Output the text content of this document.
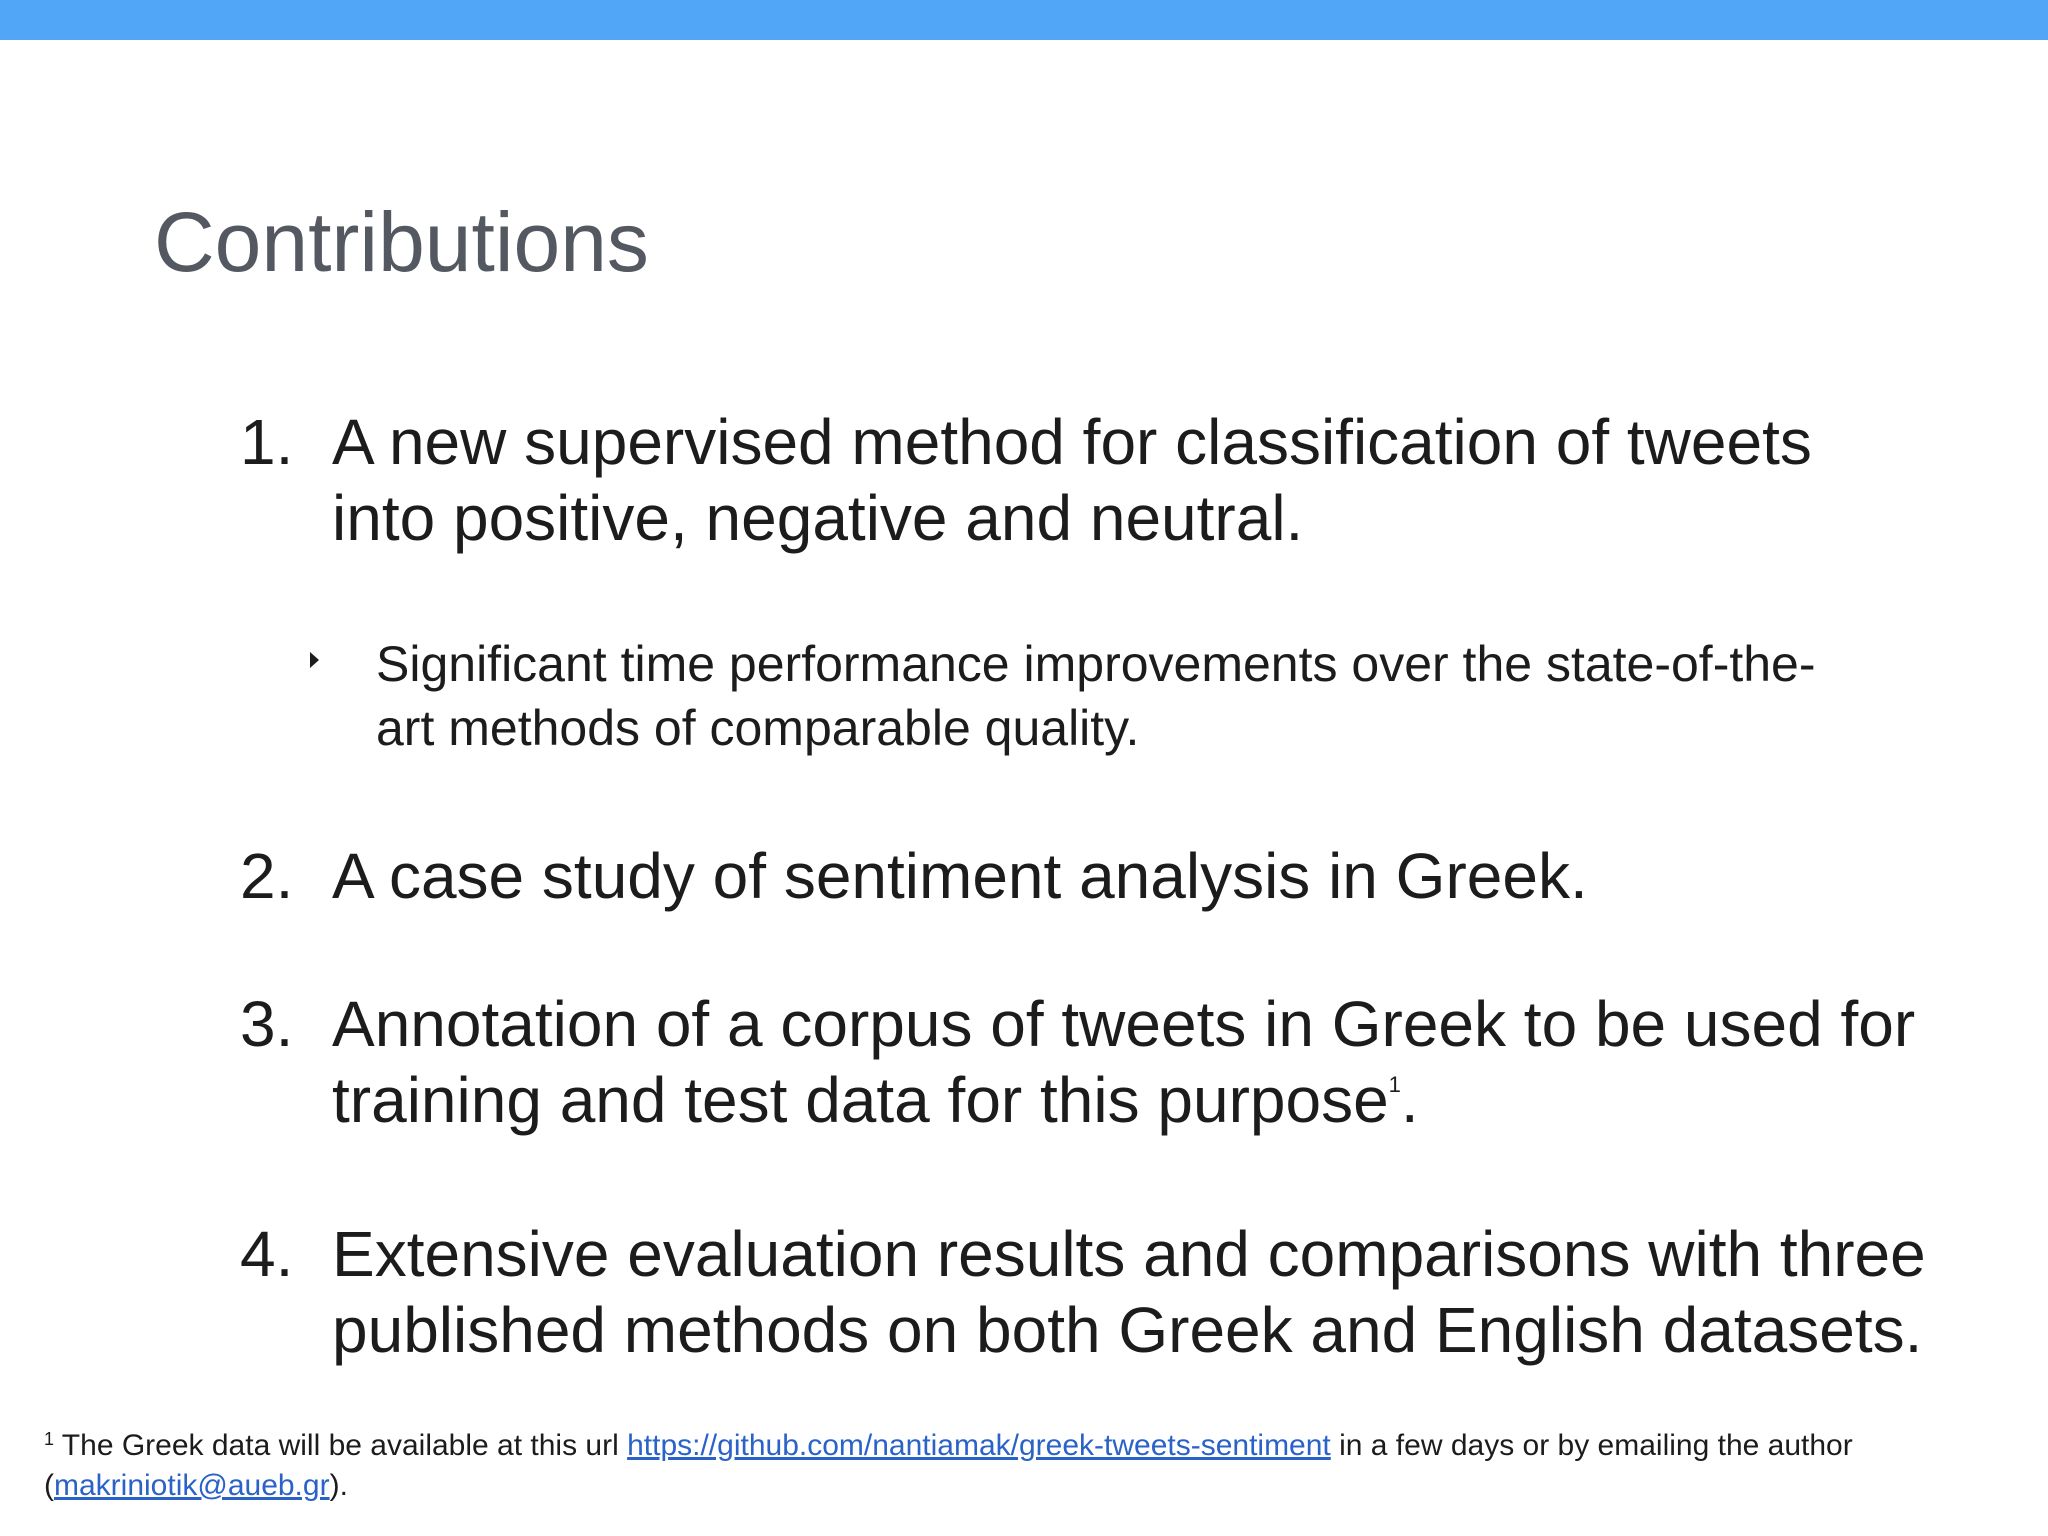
Contributions
1. A new supervised method for classification of tweets
into positive, negative and neutral.
Significant time performance improvements over the state-of-the-
art methods of comparable quality.
2. A case study of sentiment analysis in Greek.
3. Annotation of a corpus of tweets in Greek to be used for
training and test data for this purpose$^1$.
4. Extensive evaluation results and comparisons with three
published methods on both Greek and English datasets.
$^1$ The Greek data will be available at this url https://github.com/nantiamak/greek-tweets-sentiment in a few days or by emailing the author
(makriniotik@aueb.gr).
